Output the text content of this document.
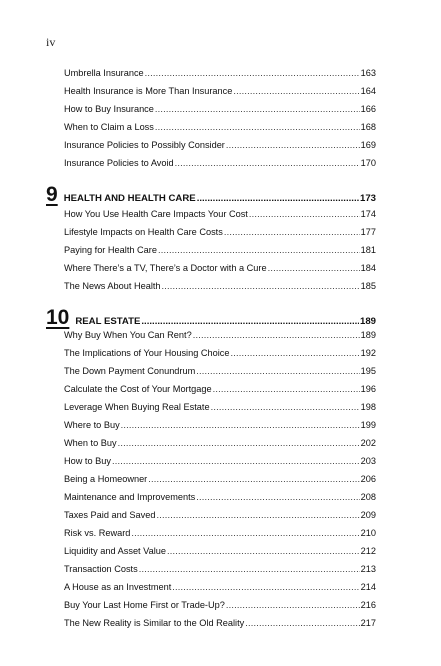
iv
Umbrella Insurance .....	163
Health Insurance is More Than Insurance .....	164
How to Buy Insurance .....	166
When to Claim a Loss .....	168
Insurance Policies to Possibly Consider .....	169
Insurance Policies to Avoid .....	170
9 HEALTH AND HEALTH CARE .....	173
How You Use Health Care Impacts Your Cost .....	174
Lifestyle Impacts on Health Care Costs .....	177
Paying for Health Care .....	181
Where There’s a TV, There’s a Doctor with a Cure .....	184
The News About Health .....	185
10 REAL ESTATE .....	189
Why Buy When You Can Rent? .....	189
The Implications of Your Housing Choice .....	192
The Down Payment Conundrum .....	195
Calculate the Cost of Your Mortgage .....	196
Leverage When Buying Real Estate .....	198
Where to Buy .....	199
When to Buy .....	202
How to Buy .....	203
Being a Homeowner .....	206
Maintenance and Improvements .....	208
Taxes Paid and Saved .....	209
Risk vs. Reward .....	210
Liquidity and Asset Value .....	212
Transaction Costs .....	213
A House as an Investment .....	214
Buy Your Last Home First or Trade-Up? .....	216
The New Reality is Similar to the Old Reality .....	217
